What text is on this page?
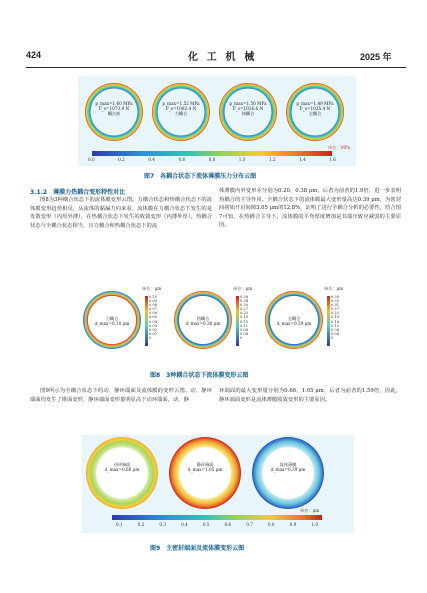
424	化 工 机 械	2025 年
p_max=1.60 MPa
F_s=1073.9 N
耦合前
p_max=1.52 MPa
F_s=1082.4 N
力耦合
p_max=1.50 MPa
F_s=1026.6 N
热耦合
p_max=1.49 MPa
F_s=1025.4 N
全耦合
单位：MPa
0.0	0.2	0.4	0.6	0.8	1.0	1.2	1.4	1.6
图7　各耦合状态下流体薄膜压力分布云图
3.1.2　薄膜力热耦合变形特性对比
图8为3种耦合状态下的流体膜变形云图。力耦合状态和热耦合状态下的流体膜变形趋势相反，从流体的黏漏力向来看，流体膜在力耦合状态下发生的是发散变形（内厚外薄），在热耦合状态下发生的收敛变形（内薄外厚）。热耦合状态与全耦合状态相当，且力耦合和热耦合状态下的流
体薄膜内外变形差分别为0.20、0.38 μm，后者为前者的1.9倍，进一步表明热耦合的主导作用。全耦合状态下的流体膜最大变形量高达0.39 μm，为密封间初始开启间隙3.05 μm的12.8%，证明了进行全耦合分析的必要性，结合图7可知，在热耦合主导下，流体膜的平均厚度增加是其端压致应减弱的主要原因。
力耦合
Δ_max=0.10 μm
热耦合
Δ_max=0.38 μm
全耦合
Δ_max=0.39 μm
0.10
0.09
0.08
0.07
0.06
0.05
0.04
0.03
0.02
0.01
0
0.38
0.34
0.30
0.27
0.23
0.19
0.15
0.11
0.08
0.04
0
0.39
0.35
0.31
0.27
0.23
0.19
0.16
0.12
0.08
0.04
0
单位：μm	单位：μm	单位：μm
图8　3种耦合状态下流体膜变形云图
图9所示为全耦合状态下的动、静环端面及流体膜的变形云图。动、静环端面均发生了锥面变形，静环端面变形量明显高于动环端面，动、静
环端面的最大变形量分别为0.66、1.05 μm，后者为前者的1.59倍，因此，静环端面变形是流体薄膜收敛变形的主要原因。
动环端面
Δ_max=0.66 μm
静环端面
Δ_max=1.05 μm
流体薄膜
Δ_max=0.39 μm
单位：μm
0.1	0.2	0.3	0.4	0.5	0.6	0.7	0.8	0.9	1.0
图9　主密封端面及流体膜变形云图
